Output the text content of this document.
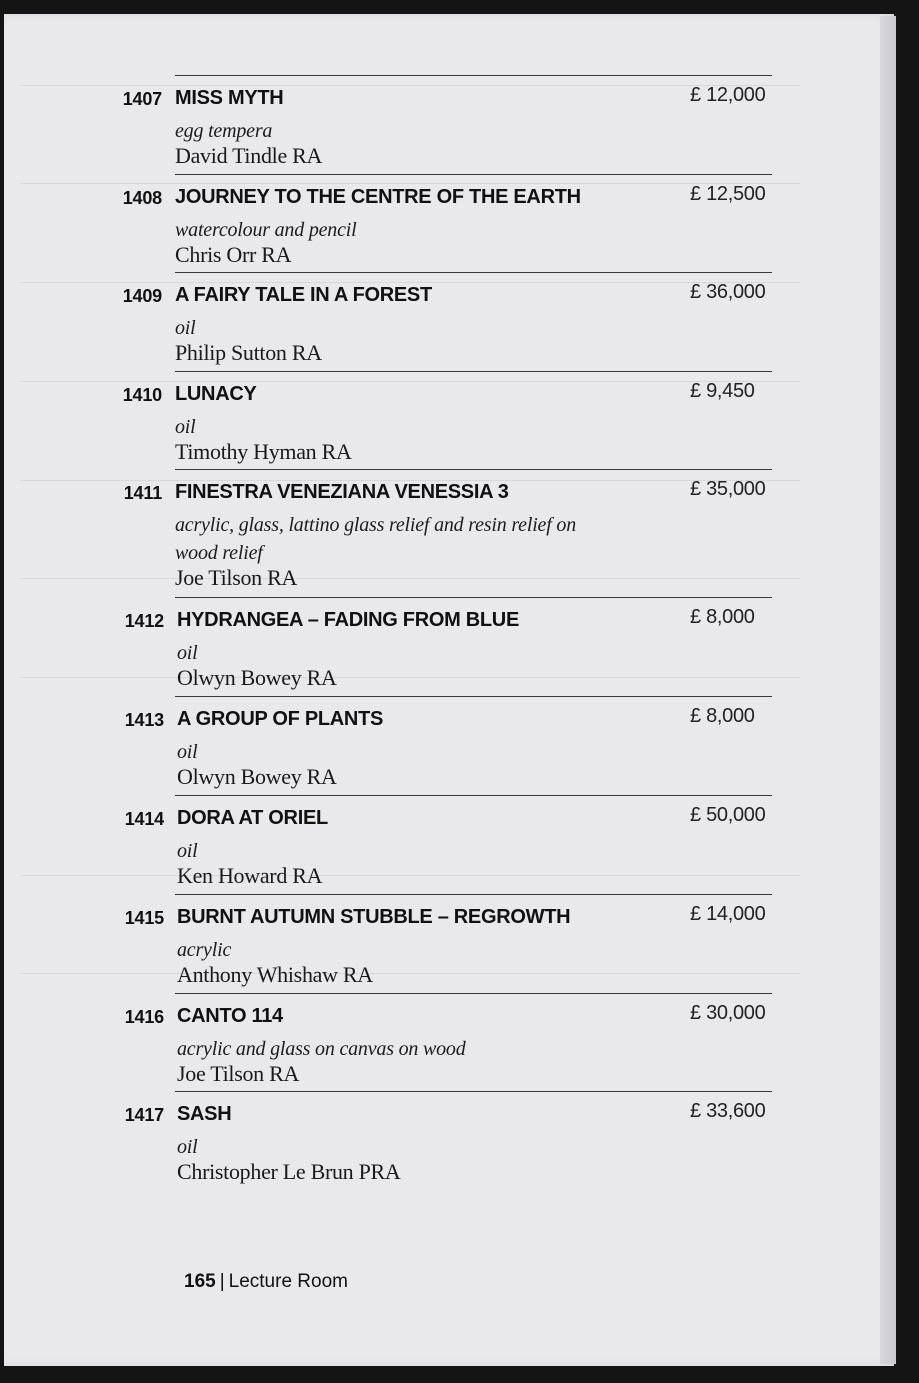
1407 MISS MYTH	£ 12,000
egg tempera
David Tindle RA
1408 JOURNEY TO THE CENTRE OF THE EARTH	£ 12,500
watercolour and pencil
Chris Orr RA
1409 A FAIRY TALE IN A FOREST	£ 36,000
oil
Philip Sutton RA
1410 LUNACY	£ 9,450
oil
Timothy Hyman RA
1411 FINESTRA VENEZIANA VENESSIA 3	£ 35,000
acrylic, glass, lattino glass relief and resin relief on wood relief
Joe Tilson RA
1412 HYDRANGEA – FADING FROM BLUE	£ 8,000
oil
Olwyn Bowey RA
1413 A GROUP OF PLANTS	£ 8,000
oil
Olwyn Bowey RA
1414 DORA AT ORIEL	£ 50,000
oil
Ken Howard RA
1415 BURNT AUTUMN STUBBLE – REGROWTH	£ 14,000
acrylic
Anthony Whishaw RA
1416 CANTO 114	£ 30,000
acrylic and glass on canvas on wood
Joe Tilson RA
1417 SASH	£ 33,600
oil
Christopher Le Brun PRA
165 | Lecture Room
